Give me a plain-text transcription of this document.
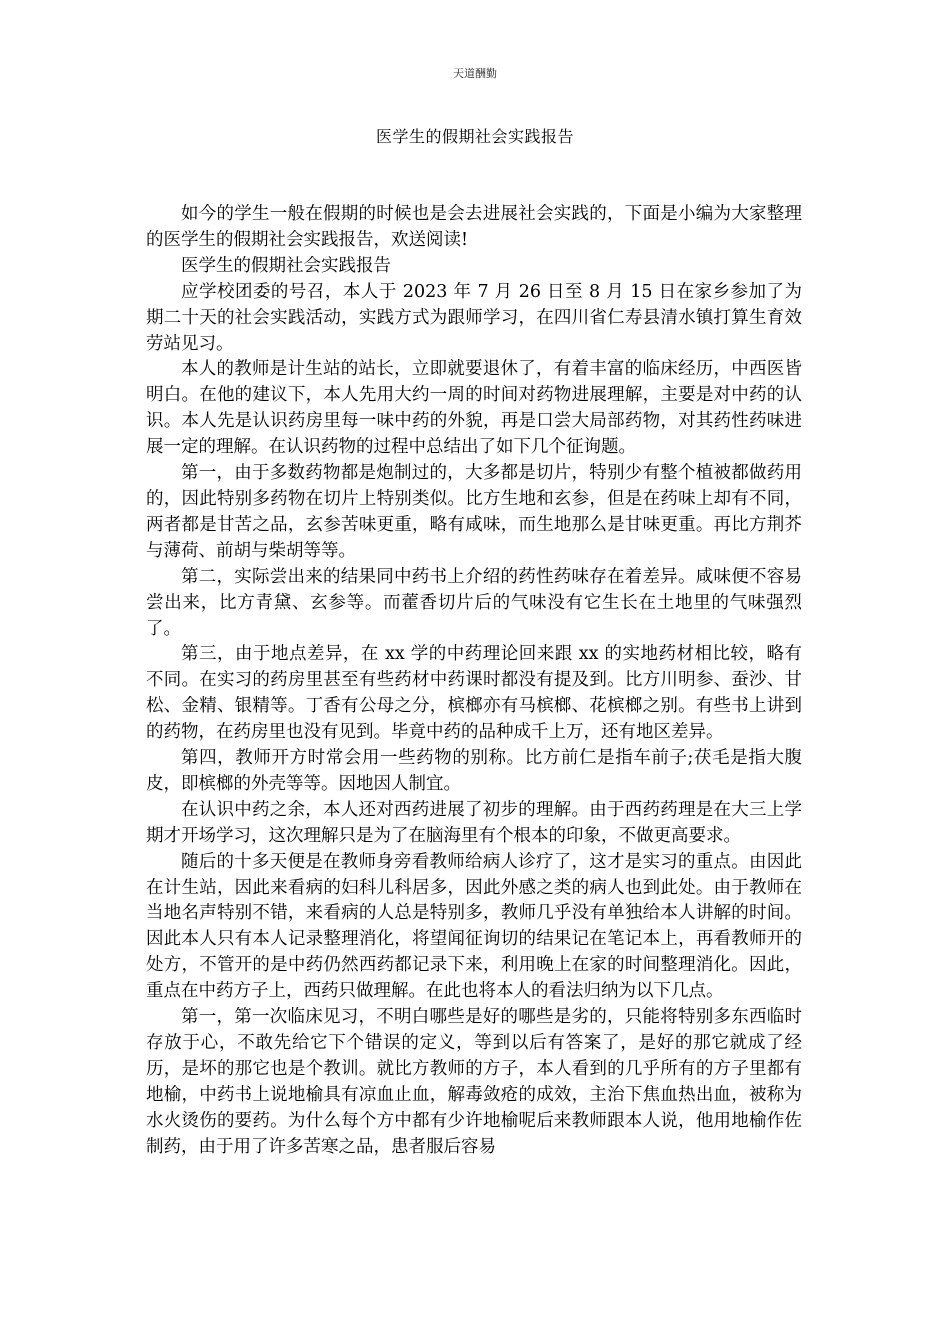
天道酬勤
医学生的假期社会实践报告

如今的学生一般在假期的时候也是会去进展社会实践的，下面是小编为大家整理的医学生的假期社会实践报告，欢送阅读!

医学生的假期社会实践报告

应学校团委的号召，本人于 2023 年 7 月 26 日至 8 月 15 日在家乡参加了为期二十天的社会实践活动，实践方式为跟师学习，在四川省仁寿县清水镇打算生育效劳站见习。

本人的教师是计生站的站长，立即就要退休了，有着丰富的临床经历，中西医皆明白。在他的建议下，本人先用大约一周的时间对药物进展理解，主要是对中药的认识。本人先是认识药房里每一味中药的外貌，再是口尝大局部药物，对其药性药味进展一定的理解。在认识药物的过程中总结出了如下几个征询题。

第一，由于多数药物都是炮制过的，大多都是切片，特别少有整个植被都做药用的，因此特别多药物在切片上特别类似。比方生地和玄参，但是在药味上却有不同，两者都是甘苦之品，玄参苦味更重，略有咸味，而生地那么是甘味更重。再比方荆芥与薄荷、前胡与柴胡等等。

第二，实际尝出来的结果同中药书上介绍的药性药味存在着差异。咸味便不容易尝出来，比方青黛、玄参等。而藿香切片后的气味没有它生长在土地里的气味强烈了。

第三，由于地点差异，在 xx 学的中药理论回来跟 xx 的实地药材相比较，略有不同。在实习的药房里甚至有些药材中药课时都没有提及到。比方川明参、蚕沙、甘松、金精、银精等。丁香有公母之分，槟榔亦有马槟榔、花槟榔之别。有些书上讲到的药物，在药房里也没有见到。毕竟中药的品种成千上万，还有地区差异。

第四，教师开方时常会用一些药物的别称。比方前仁是指车前子;茯毛是指大腹皮，即槟榔的外壳等等。因地因人制宜。

在认识中药之余，本人还对西药进展了初步的理解。由于西药药理是在大三上学期才开场学习，这次理解只是为了在脑海里有个根本的印象，不做更高要求。

随后的十多天便是在教师身旁看教师给病人诊疗了，这才是实习的重点。由因此在计生站，因此来看病的妇科儿科居多，因此外感之类的病人也到此处。由于教师在当地名声特别不错，来看病的人总是特别多，教师几乎没有单独给本人讲解的时间。因此本人只有本人记录整理消化，将望闻征询切的结果记在笔记本上，再看教师开的处方，不管开的是中药仍然西药都记录下来，利用晚上在家的时间整理消化。因此，重点在中药方子上，西药只做理解。在此也将本人的看法归纳为以下几点。

第一，第一次临床见习，不明白哪些是好的哪些是劣的，只能将特别多东西临时存放于心，不敢先给它下个错误的定义，等到以后有答案了，是好的那它就成了经历，是坏的那它也是个教训。就比方教师的方子，本人看到的几乎所有的方子里都有地榆，中药书上说地榆具有凉血止血，解毒敛疮的成效，主治下焦血热出血，被称为水火烫伤的要药。为什么每个方中都有少许地榆呢后来教师跟本人说，他用地榆作佐制药，由于用了许多苦寒之品，患者服后容易
